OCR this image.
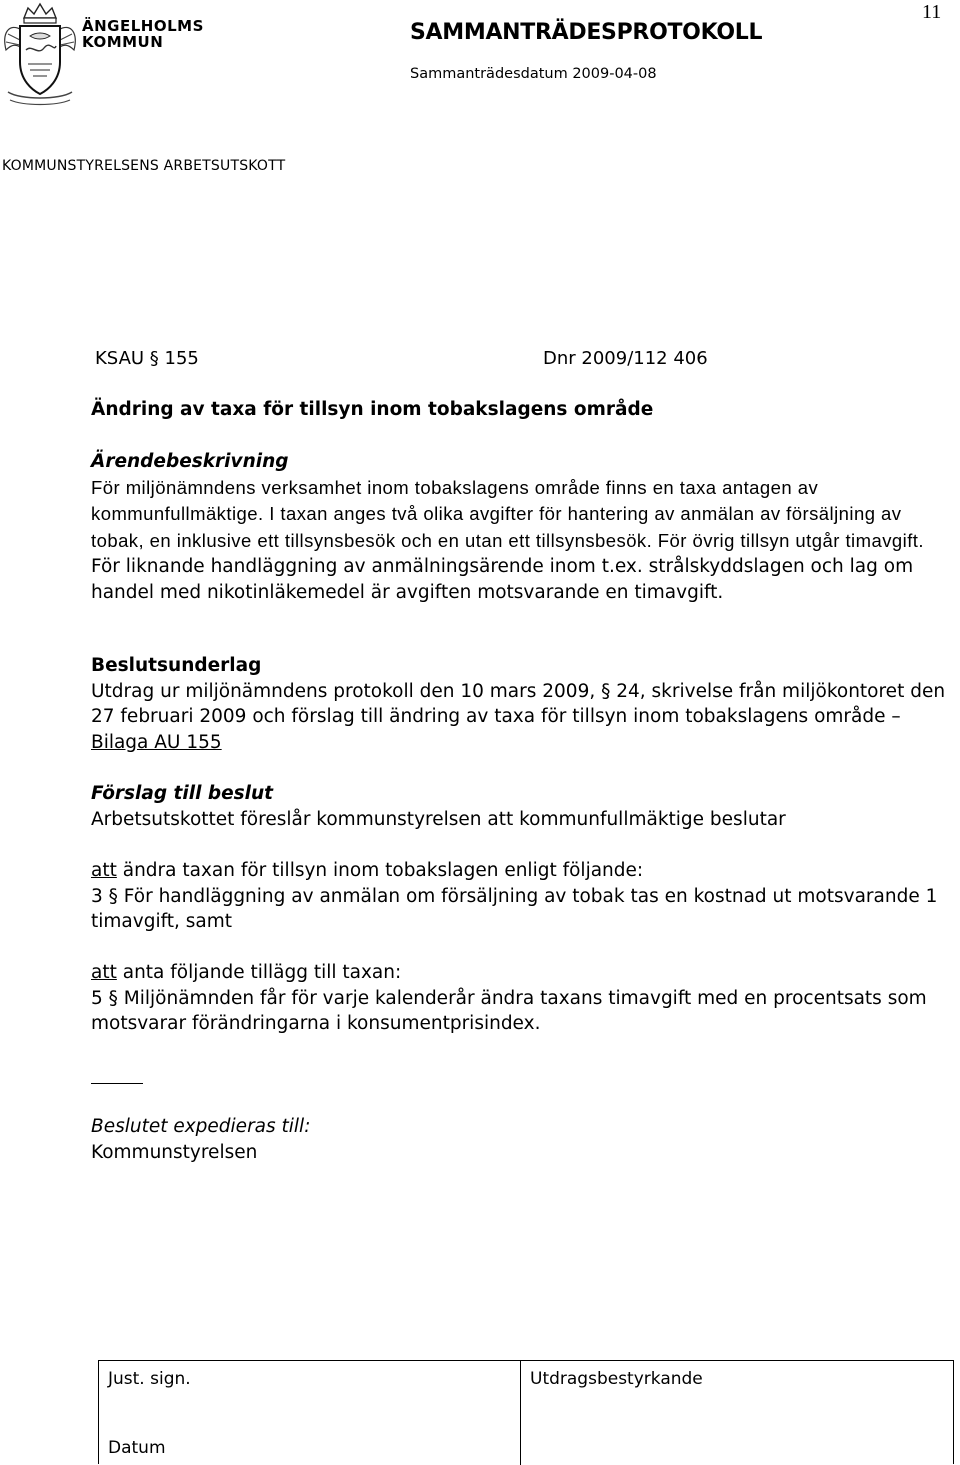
ÄNGELHOLMS
KOMMUN	SAMMANTRÄDESPROTOKOLL
Sammanträdesdatum 2009-04-08
11
KOMMUNSTYRELSENS ARBETSUTSKOTT
KSAU § 155	Dnr 2009/112 406

Ändring av taxa för tillsyn inom tobakslagens område

Ärendebeskrivning

För miljönämndens verksamhet inom tobakslagens område finns en taxa antagen av kommunfullmäktige. I taxan anges två olika avgifter för hantering av anmälan av försäljning av tobak, en inklusive ett tillsynsbesök och en utan ett tillsynsbesök. För övrig tillsyn utgår timavgift. För liknande handläggning av anmälningsärende inom t.ex. strålskyddslagen och lag om handel med nikotinläkemedel är avgiften motsvarande en timavgift.

Beslutsunderlag

Utdrag ur miljönämndens protokoll den 10 mars 2009, § 24, skrivelse från miljökontoret den 27 februari 2009 och förslag till ändring av taxa för tillsyn inom tobakslagens område – Bilaga AU 155

Förslag till beslut

Arbetsutskottet föreslår kommunstyrelsen att kommunfullmäktige beslutar

att ändra taxan för tillsyn inom tobakslagen enligt följande:

3 § För handläggning av anmälan om försäljning av tobak tas en kostnad ut motsvarande 1 timavgift, samt

att anta följande tillägg till taxan:

5 § Miljönämnden får för varje kalenderår ändra taxans timavgift med en procentsats som motsvarar förändringarna i konsumentprisindex.

Beslutet expedieras till:

Kommunstyrelsen

Just. sign.
Datum
Utdragsbestyrkande
